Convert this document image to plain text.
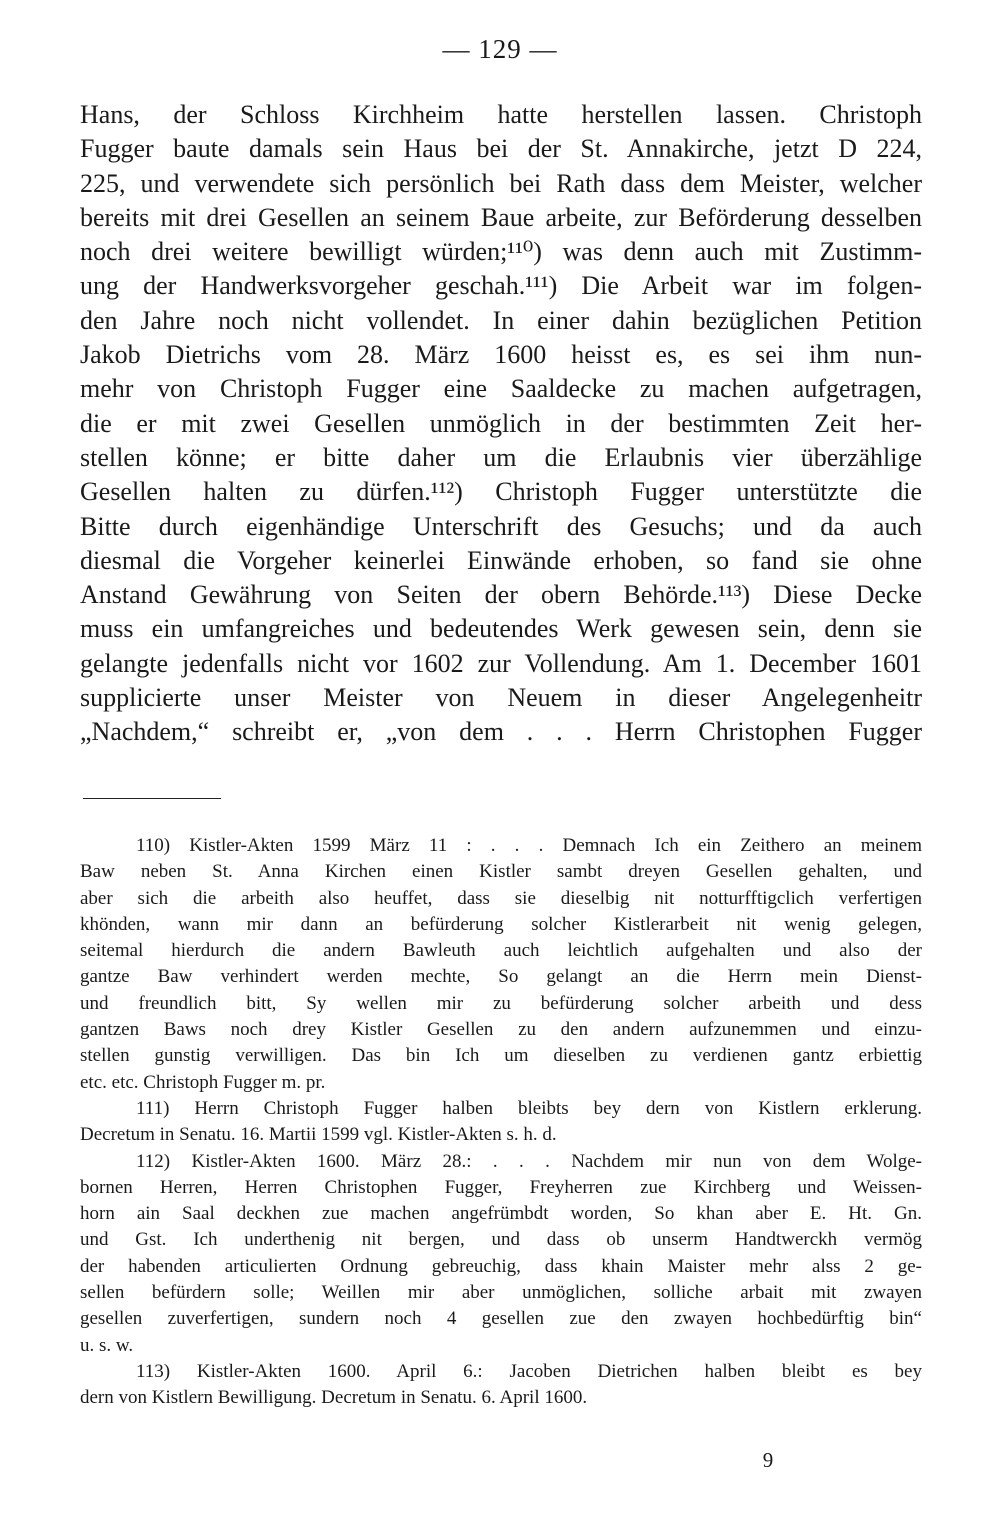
— 129 —
Hans, der Schloss Kirchheim hatte herstellen lassen. Christoph
Fugger baute damals sein Haus bei der St. Annakirche, jetzt D 224,
225, und verwendete sich persönlich bei Rath dass dem Meister, welcher
bereits mit drei Gesellen an seinem Baue arbeite, zur Beförderung desselben
noch drei weitere bewilligt würden;¹¹⁰) was denn auch mit Zustimm-
ung der Handwerksvorgeher geschah.¹¹¹) Die Arbeit war im folgen-
den Jahre noch nicht vollendet. In einer dahin bezüglichen Petition
Jakob Dietrichs vom 28. März 1600 heisst es, es sei ihm nun-
mehr von Christoph Fugger eine Saaldecke zu machen aufgetragen,
die er mit zwei Gesellen unmöglich in der bestimmten Zeit her-
stellen könne; er bitte daher um die Erlaubnis vier überzählige
Gesellen halten zu dürfen.¹¹²) Christoph Fugger unterstützte die
Bitte durch eigenhändige Unterschrift des Gesuchs; und da auch
diesmal die Vorgeher keinerlei Einwände erhoben, so fand sie ohne
Anstand Gewährung von Seiten der obern Behörde.¹¹³) Diese Decke
muss ein umfangreiches und bedeutendes Werk gewesen sein, denn sie
gelangte jedenfalls nicht vor 1602 zur Vollendung. Am 1. December 1601
supplicierte unser Meister von Neuem in dieser Angelegenheitr
„Nachdem,“ schreibt er, „von dem . . . Herrn Christophen Fugger
110) Kistler-Akten 1599 März 11 : . . . Demnach Ich ein Zeithero an meinem
Baw neben St. Anna Kirchen einen Kistler sambt dreyen Gesellen gehalten, und
aber sich die arbeith also heuffet, dass sie dieselbig nit notturfftigclich verfertigen
khönden, wann mir dann an befürderung solcher Kistlerarbeit nit wenig gelegen,
seitemal hierdurch die andern Bawleuth auch leichtlich aufgehalten und also der
gantze Baw verhindert werden mechte, So gelangt an die Herrn mein Dienst-
und freundlich bitt, Sy wellen mir zu befürderung solcher arbeith und dess
gantzen Baws noch drey Kistler Gesellen zu den andern aufzunemmen und einzu-
stellen gunstig verwilligen. Das bin Ich um dieselben zu verdienen gantz erbiettig
etc. etc. Christoph Fugger m. pr.
111) Herrn Christoph Fugger halben bleibts bey dern von Kistlern erklerung.
Decretum in Senatu. 16. Martii 1599 vgl. Kistler-Akten s. h. d.
112) Kistler-Akten 1600. März 28.: . . . Nachdem mir nun von dem Wolge-
bornen Herren, Herren Christophen Fugger, Freyherren zue Kirchberg und Weissen-
horn ain Saal deckhen zue machen angefrümbdt worden, So khan aber E. Ht. Gn.
und Gst. Ich underthenig nit bergen, und dass ob unserm Handtwerckh vermög
der habenden articulierten Ordnung gebreuchig, dass khain Maister mehr alss 2 ge-
sellen befürdern solle; Weillen mir aber unmöglichen, solliche arbait mit zwayen
gesellen zuverfertigen, sundern noch 4 gesellen zue den zwayen hochbedürftig bin“
u. s. w.
113) Kistler-Akten 1600. April 6.: Jacoben Dietrichen halben bleibt es bey
dern von Kistlern Bewilligung. Decretum in Senatu. 6. April 1600.
9
